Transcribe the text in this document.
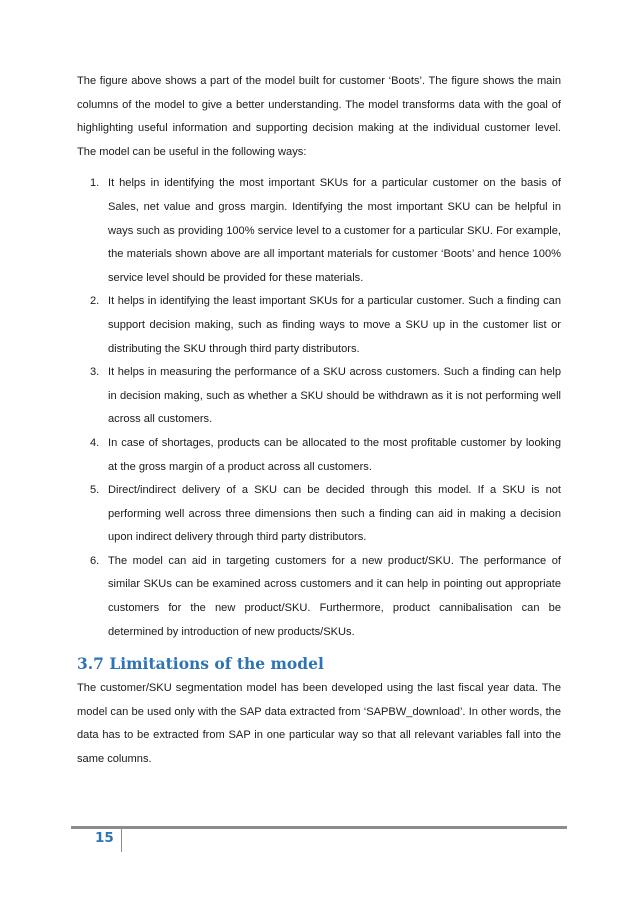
The figure above shows a part of the model built for customer ‘Boots’. The figure shows the main columns of the model to give a better understanding. The model transforms data with the goal of highlighting useful information and supporting decision making at the individual customer level. The model can be useful in the following ways:

1. It helps in identifying the most important SKUs for a particular customer on the basis of Sales, net value and gross margin. Identifying the most important SKU can be helpful in ways such as providing 100% service level to a customer for a particular SKU. For example, the materials shown above are all important materials for customer ‘Boots’ and hence 100% service level should be provided for these materials.
2. It helps in identifying the least important SKUs for a particular customer. Such a finding can support decision making, such as finding ways to move a SKU up in the customer list or distributing the SKU through third party distributors.
3. It helps in measuring the performance of a SKU across customers. Such a finding can help in decision making, such as whether a SKU should be withdrawn as it is not performing well across all customers.
4. In case of shortages, products can be allocated to the most profitable customer by looking at the gross margin of a product across all customers.
5. Direct/indirect delivery of a SKU can be decided through this model. If a SKU is not performing well across three dimensions then such a finding can aid in making a decision upon indirect delivery through third party distributors.
6. The model can aid in targeting customers for a new product/SKU. The performance of similar SKUs can be examined across customers and it can help in pointing out appropriate customers for the new product/SKU. Furthermore, product cannibalisation can be determined by introduction of new products/SKUs.
3.7 Limitations of the model

The customer/SKU segmentation model has been developed using the last fiscal year data. The model can be used only with the SAP data extracted from ‘SAPBW_download’. In other words, the data has to be extracted from SAP in one particular way so that all relevant variables fall into the same columns.

15
